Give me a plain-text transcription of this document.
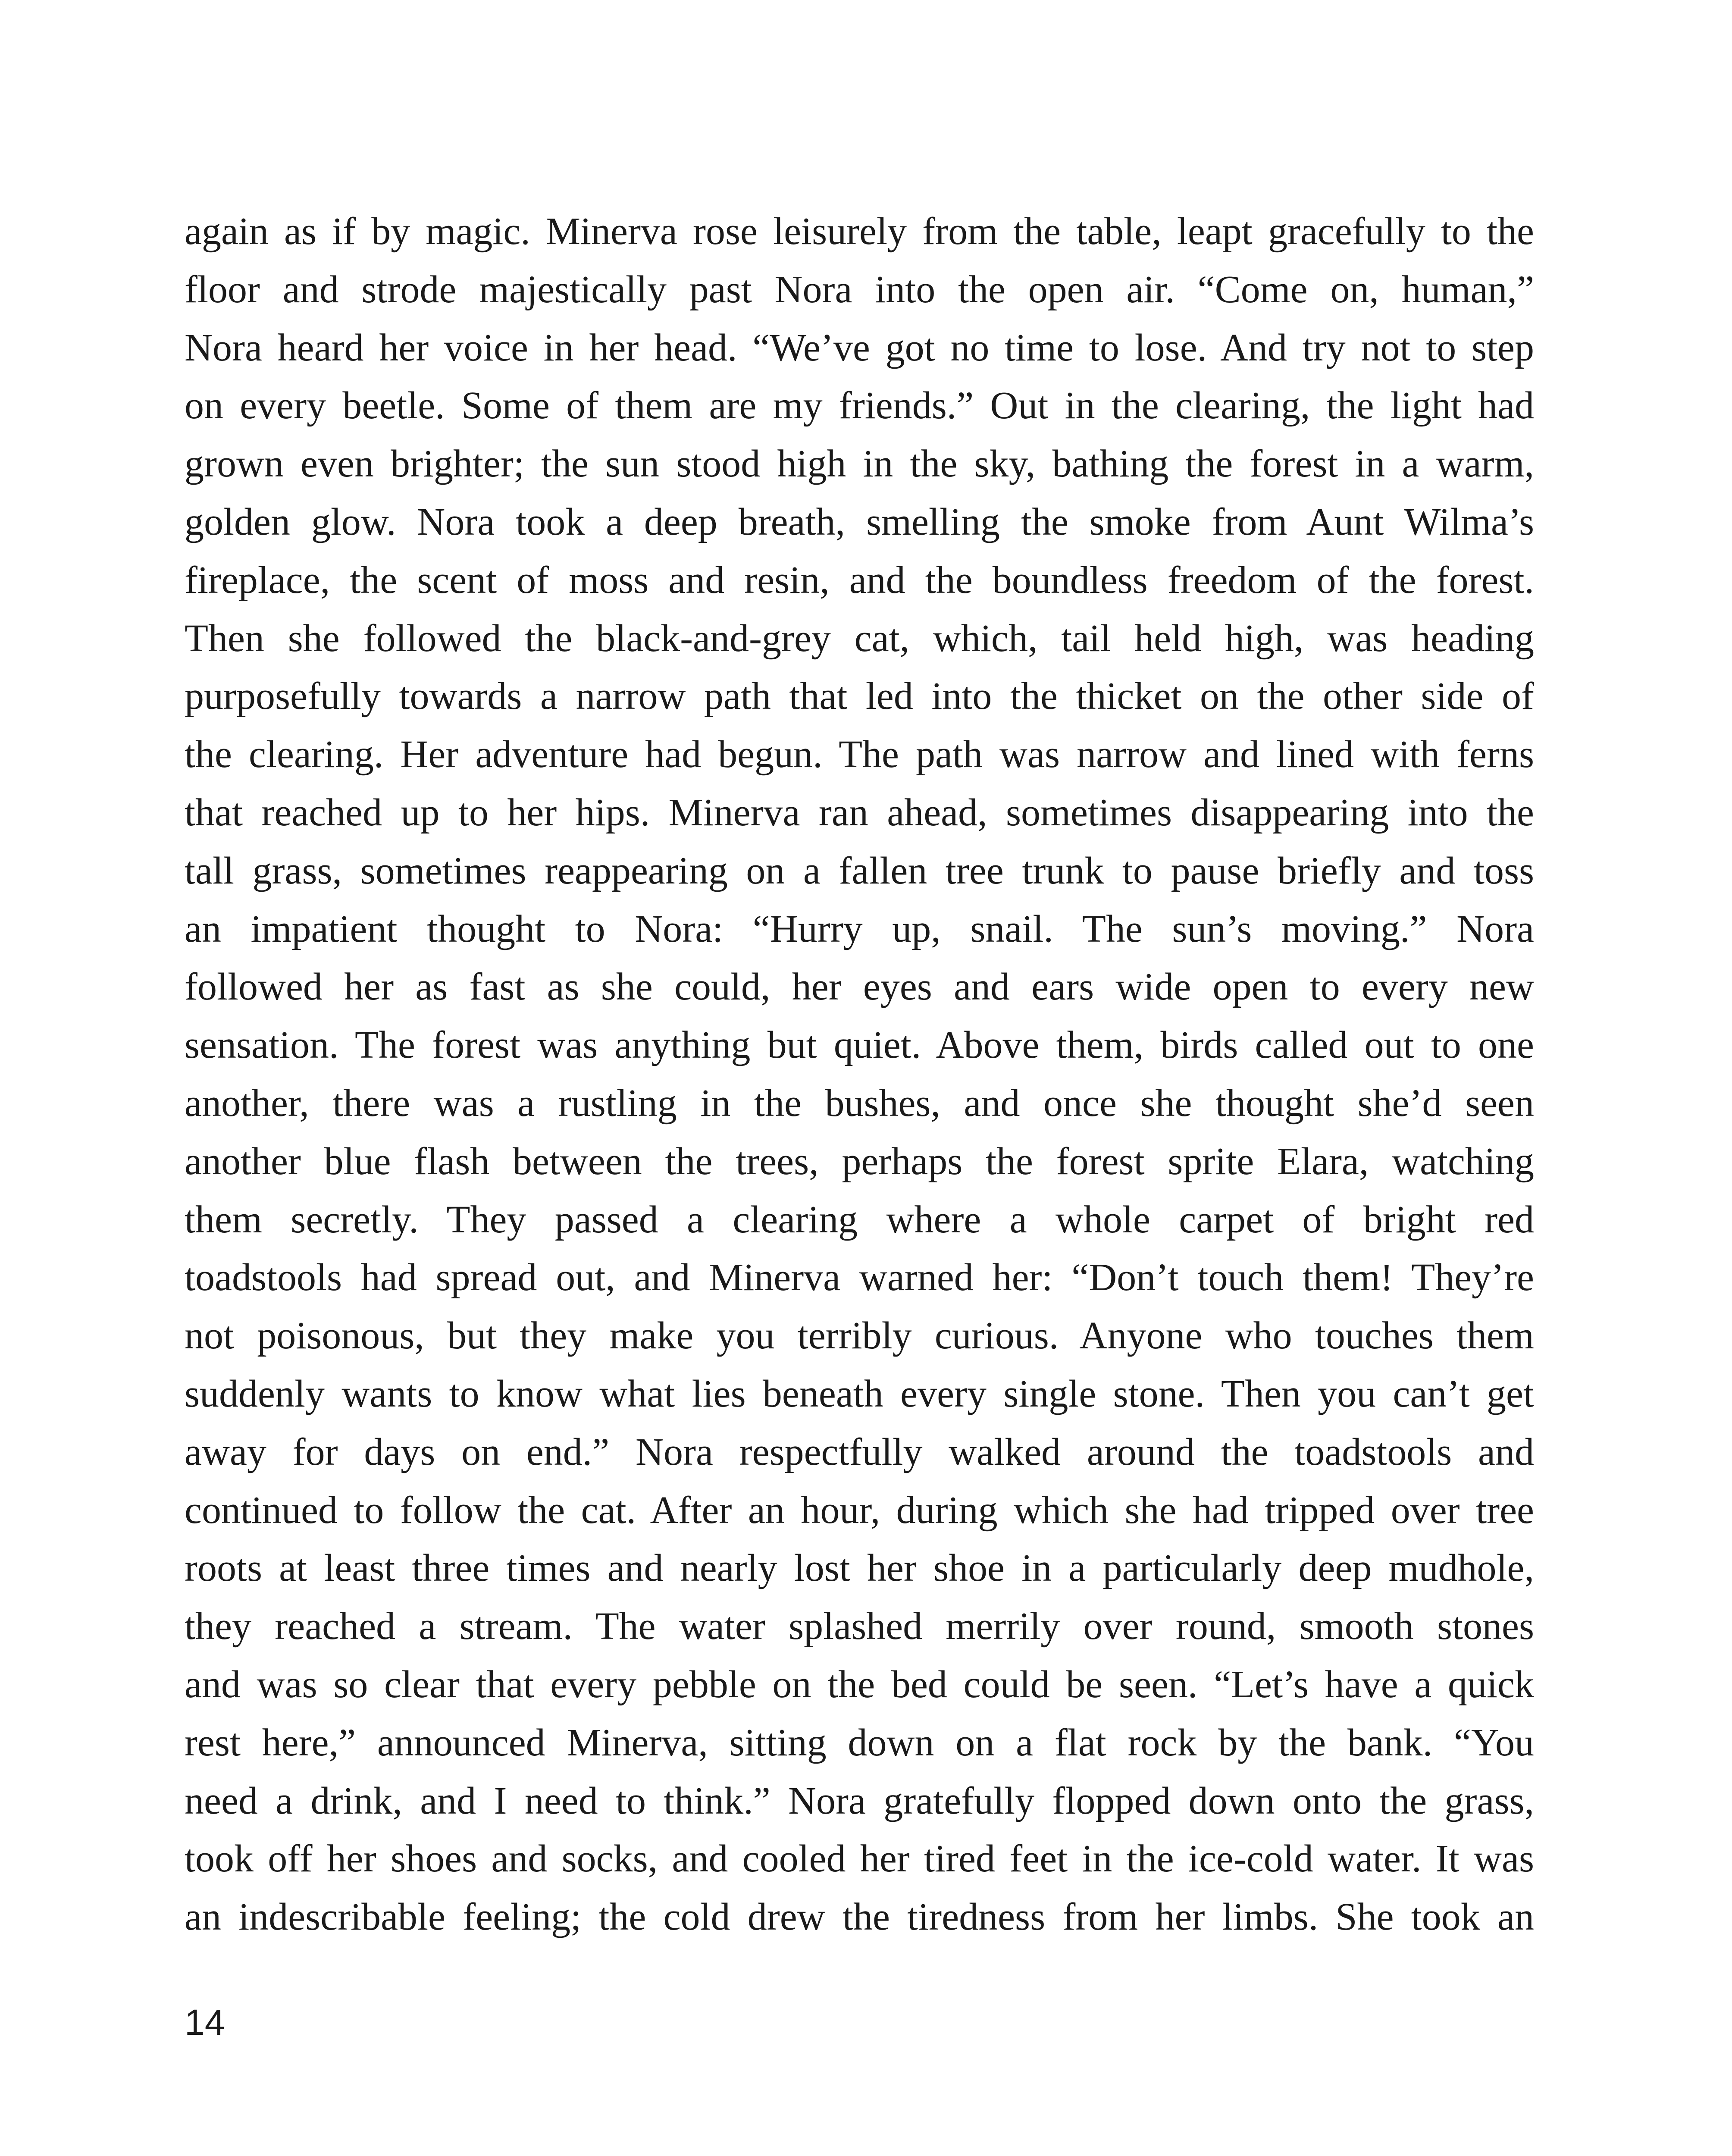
again as if by magic. Minerva rose leisurely from the table, leapt gracefully to the
floor and strode majestically past Nora into the open air. “Come on, human,”
Nora heard her voice in her head. “We’ve got no time to lose. And try not to step
on every beetle. Some of them are my friends.” Out in the clearing, the light had
grown even brighter; the sun stood high in the sky, bathing the forest in a warm,
golden glow. Nora took a deep breath, smelling the smoke from Aunt Wilma’s
fireplace, the scent of moss and resin, and the boundless freedom of the forest.
Then she followed the black-and-grey cat, which, tail held high, was heading
purposefully towards a narrow path that led into the thicket on the other side of
the clearing. Her adventure had begun. The path was narrow and lined with ferns
that reached up to her hips. Minerva ran ahead, sometimes disappearing into the
tall grass, sometimes reappearing on a fallen tree trunk to pause briefly and toss
an impatient thought to Nora: “Hurry up, snail. The sun’s moving.” Nora
followed her as fast as she could, her eyes and ears wide open to every new
sensation. The forest was anything but quiet. Above them, birds called out to one
another, there was a rustling in the bushes, and once she thought she’d seen
another blue flash between the trees, perhaps the forest sprite Elara, watching
them secretly. They passed a clearing where a whole carpet of bright red
toadstools had spread out, and Minerva warned her: “Don’t touch them! They’re
not poisonous, but they make you terribly curious. Anyone who touches them
suddenly wants to know what lies beneath every single stone. Then you can’t get
away for days on end.” Nora respectfully walked around the toadstools and
continued to follow the cat. After an hour, during which she had tripped over tree
roots at least three times and nearly lost her shoe in a particularly deep mudhole,
they reached a stream. The water splashed merrily over round, smooth stones
and was so clear that every pebble on the bed could be seen. “Let’s have a quick
rest here,” announced Minerva, sitting down on a flat rock by the bank. “You
need a drink, and I need to think.” Nora gratefully flopped down onto the grass,
took off her shoes and socks, and cooled her tired feet in the ice-cold water. It was
an indescribable feeling; the cold drew the tiredness from her limbs. She took an
14
